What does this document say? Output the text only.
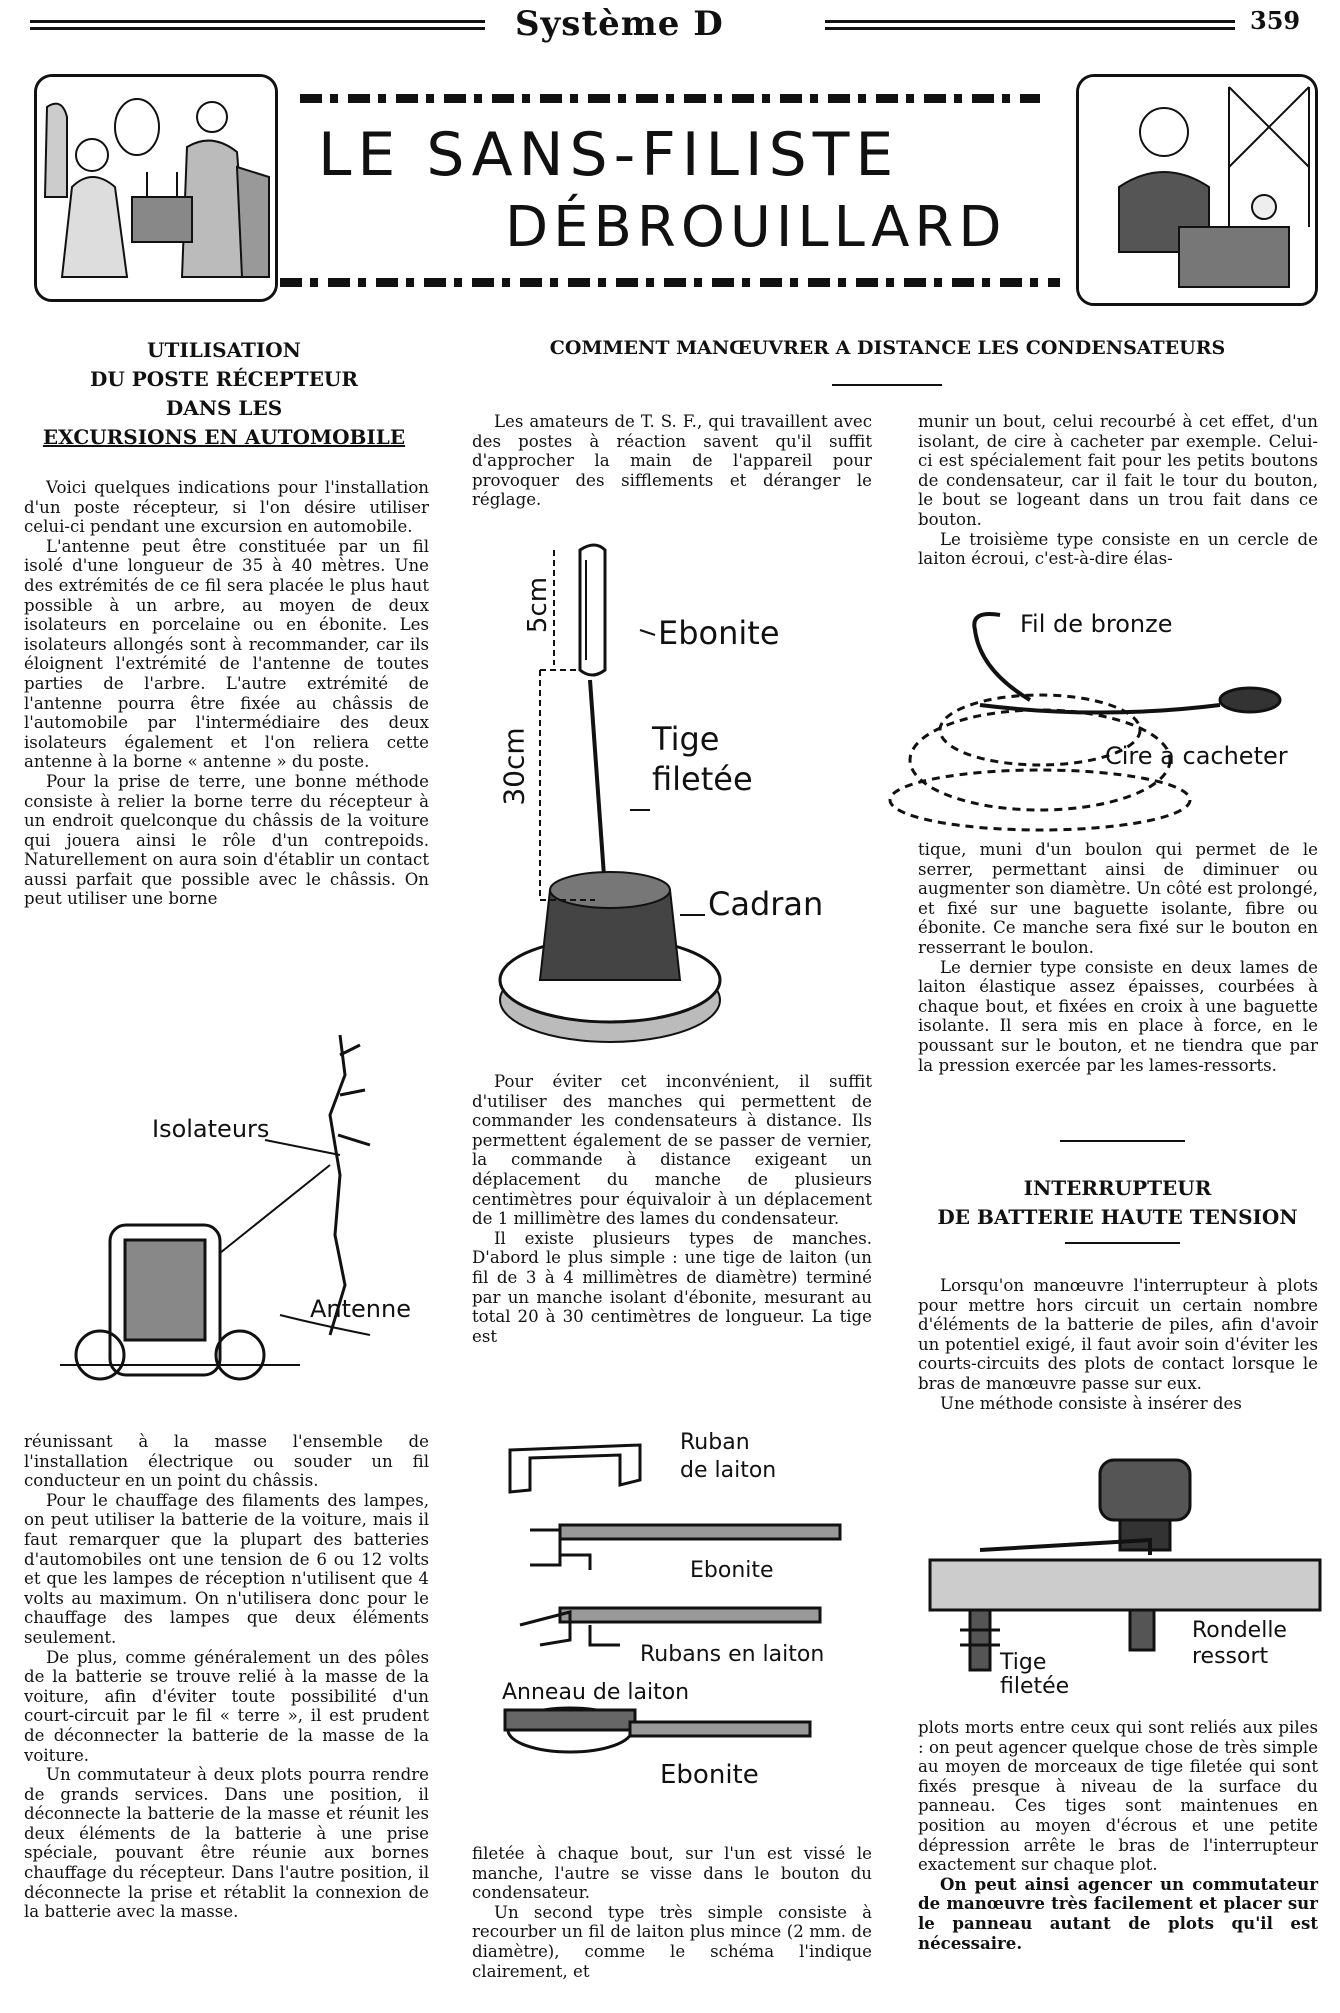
Système D	359
LE SANS-FILISTE
DÉBROUILLARD
UTILISATION
DU POSTE RÉCEPTEUR
DANS LES
EXCURSIONS EN AUTOMOBILE

Voici quelques indications pour l'installation d'un poste récepteur, si l'on désire utiliser celui-ci pendant une excursion en automobile.

L'antenne peut être constituée par un fil isolé d'une longueur de 35 à 40 mètres. Une des extrémités de ce fil sera placée le plus haut possible à un arbre, au moyen de deux isolateurs en porcelaine ou en ébonite. Les isolateurs allongés sont à recommander, car ils éloignent l'extrémité de l'antenne de toutes parties de l'arbre. L'autre extrémité de l'antenne pourra être fixée au châssis de l'automobile par l'intermédiaire des deux isolateurs également et l'on reliera cette antenne à la borne « antenne » du poste.

Pour la prise de terre, une bonne méthode consiste à relier la borne terre du récepteur à un endroit quelconque du châssis de la voiture qui jouera ainsi le rôle d'un contrepoids. Naturellement on aura soin d'établir un contact aussi parfait que possible avec le châssis. On peut utiliser une borne

Isolateurs
Antenne

réunissant à la masse l'ensemble de l'installation électrique ou souder un fil conducteur en un point du châssis.

Pour le chauffage des filaments des lampes, on peut utiliser la batterie de la voiture, mais il faut remarquer que la plupart des batteries d'automobiles ont une tension de 6 ou 12 volts et que les lampes de réception n'utilisent que 4 volts au maximum. On n'utilisera donc pour le chauffage des lampes que deux éléments seulement.

De plus, comme généralement un des pôles de la batterie se trouve relié à la masse de la voiture, afin d'éviter toute possibilité d'un court-circuit par le fil « terre », il est prudent de déconnecter la batterie de la masse de la voiture.

Un commutateur à deux plots pourra rendre de grands services. Dans une position, il déconnecte la batterie de la masse et réunit les deux éléments de la batterie à une prise spéciale, pouvant être réunie aux bornes chauffage du récepteur. Dans l'autre position, il déconnecte la prise et rétablit la connexion de la batterie avec la masse.

COMMENT MANŒUVRER A DISTANCE LES CONDENSATEURS

Les amateurs de T. S. F., qui travaillent avec des postes à réaction savent qu'il suffit d'approcher la main de l'appareil pour provoquer des sifflements et déranger le réglage.

5cm
30cm
Ebonite
Tige
filetée
Cadran

Pour éviter cet inconvénient, il suffit d'utiliser des manches qui permettent de commander les condensateurs à distance. Ils permettent également de se passer de vernier, la commande à distance exigeant un déplacement du manche de plusieurs centimètres pour équivaloir à un déplacement de 1 millimètre des lames du condensateur.

Il existe plusieurs types de manches. D'abord le plus simple : une tige de laiton (un fil de 3 à 4 millimètres de diamètre) terminé par un manche isolant d'ébonite, mesurant au total 20 à 30 centimètres de longueur. La tige est

Ruban
de laiton
Ebonite
Rubans en laiton
Anneau de laiton
Ebonite

filetée à chaque bout, sur l'un est vissé le manche, l'autre se visse dans le bouton du condensateur.

Un second type très simple consiste à recourber un fil de laiton plus mince (2 mm. de diamètre), comme le schéma l'indique clairement, et

munir un bout, celui recourbé à cet effet, d'un isolant, de cire à cacheter par exemple. Celui-ci est spécialement fait pour les petits boutons de condensateur, car il fait le tour du bouton, le bout se logeant dans un trou fait dans ce bouton.

Le troisième type consiste en un cercle de laiton écroui, c'est-à-dire élas-

Fil de bronze
Cire à cacheter

tique, muni d'un boulon qui permet de le serrer, permettant ainsi de diminuer ou augmenter son diamètre. Un côté est prolongé, et fixé sur une baguette isolante, fibre ou ébonite. Ce manche sera fixé sur le bouton en resserrant le boulon.

Le dernier type consiste en deux lames de laiton élastique assez épaisses, courbées à chaque bout, et fixées en croix à une baguette isolante. Il sera mis en place à force, en le poussant sur le bouton, et ne tiendra que par la pression exercée par les lames-ressorts.

INTERRUPTEUR
DE BATTERIE HAUTE TENSION

Lorsqu'on manœuvre l'interrupteur à plots pour mettre hors circuit un certain nombre d'éléments de la batterie de piles, afin d'avoir un potentiel exigé, il faut avoir soin d'éviter les courts-circuits des plots de contact lorsque le bras de manœuvre passe sur eux.

Une méthode consiste à insérer des

Tige
filetée
Rondelle
ressort

plots morts entre ceux qui sont reliés aux piles : on peut agencer quelque chose de très simple au moyen de morceaux de tige filetée qui sont fixés presque à niveau de la surface du panneau. Ces tiges sont maintenues en position au moyen d'écrous et une petite dépression arrête le bras de l'interrupteur exactement sur chaque plot.

On peut ainsi agencer un commutateur de manœuvre très facilement et placer sur le panneau autant de plots qu'il est nécessaire.
